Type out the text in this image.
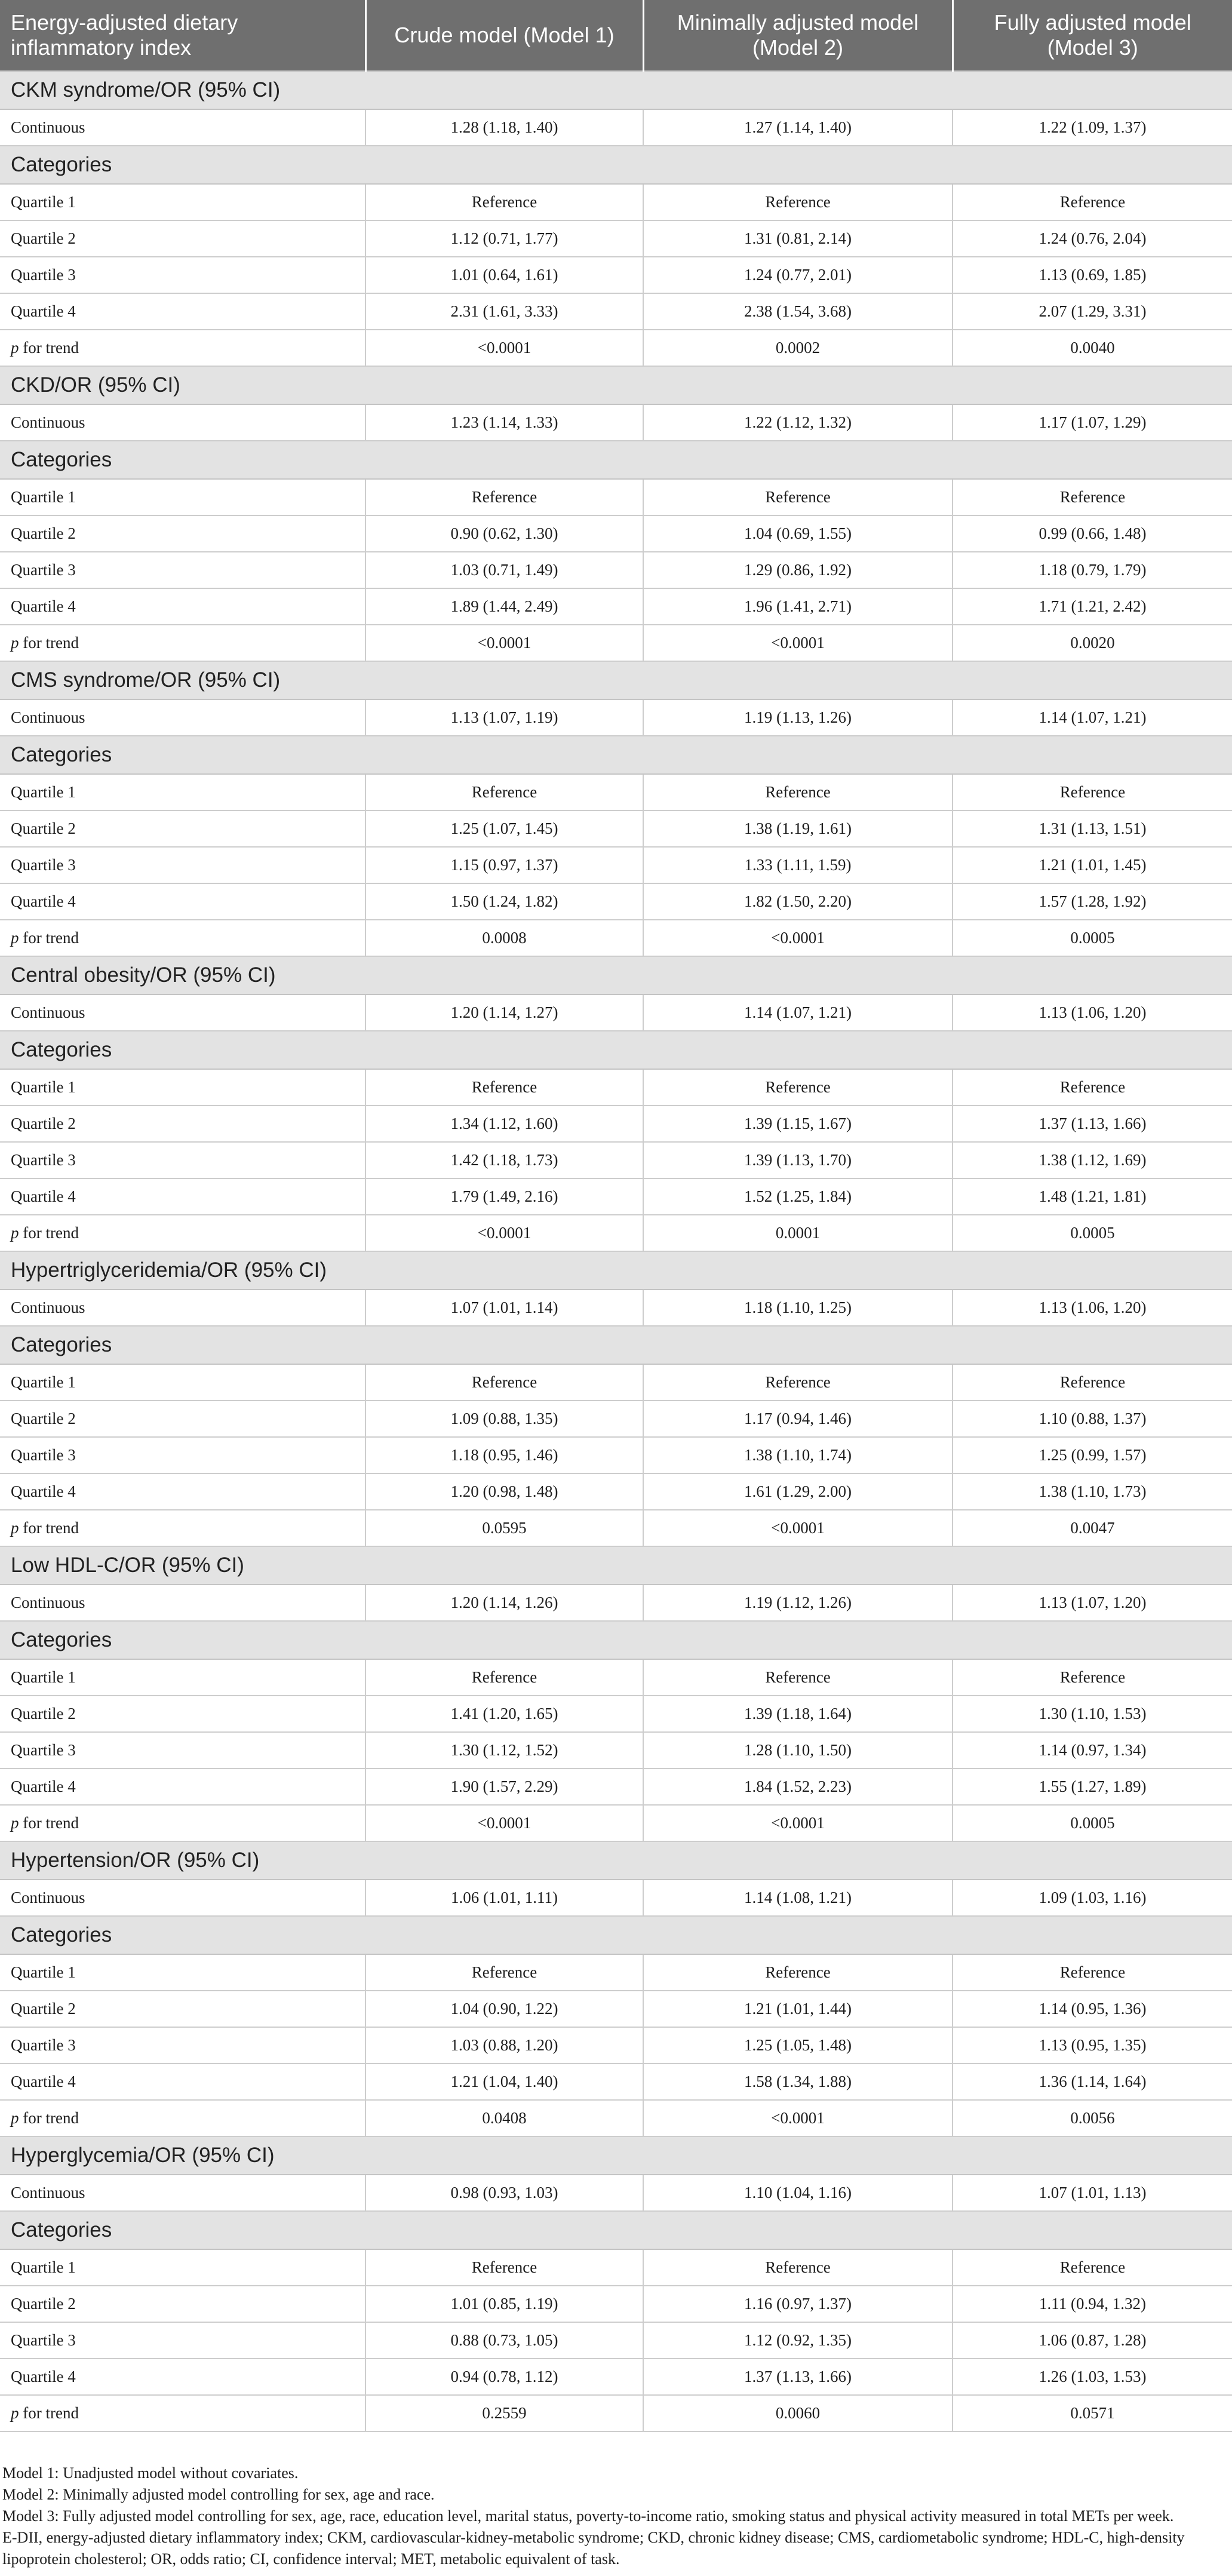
Energy-adjusted dietary inflammatory index	Crude model (Model 1)	Minimally adjusted model (Model 2)	Fully adjusted model (Model 3)
CKM syndrome/OR (95% CI)			
Continuous	1.28 (1.18, 1.40)	1.27 (1.14, 1.40)	1.22 (1.09, 1.37)
Categories			
Quartile 1	Reference	Reference	Reference
Quartile 2	1.12 (0.71, 1.77)	1.31 (0.81, 2.14)	1.24 (0.76, 2.04)
Quartile 3	1.01 (0.64, 1.61)	1.24 (0.77, 2.01)	1.13 (0.69, 1.85)
Quartile 4	2.31 (1.61, 3.33)	2.38 (1.54, 3.68)	2.07 (1.29, 3.31)
p for trend	<0.0001	0.0002	0.0040
CKD/OR (95% CI)			
Continuous	1.23 (1.14, 1.33)	1.22 (1.12, 1.32)	1.17 (1.07, 1.29)
Categories			
Quartile 1	Reference	Reference	Reference
Quartile 2	0.90 (0.62, 1.30)	1.04 (0.69, 1.55)	0.99 (0.66, 1.48)
Quartile 3	1.03 (0.71, 1.49)	1.29 (0.86, 1.92)	1.18 (0.79, 1.79)
Quartile 4	1.89 (1.44, 2.49)	1.96 (1.41, 2.71)	1.71 (1.21, 2.42)
p for trend	<0.0001	<0.0001	0.0020
CMS syndrome/OR (95% CI)			
Continuous	1.13 (1.07, 1.19)	1.19 (1.13, 1.26)	1.14 (1.07, 1.21)
Categories			
Quartile 1	Reference	Reference	Reference
Quartile 2	1.25 (1.07, 1.45)	1.38 (1.19, 1.61)	1.31 (1.13, 1.51)
Quartile 3	1.15 (0.97, 1.37)	1.33 (1.11, 1.59)	1.21 (1.01, 1.45)
Quartile 4	1.50 (1.24, 1.82)	1.82 (1.50, 2.20)	1.57 (1.28, 1.92)
p for trend	0.0008	<0.0001	0.0005
Central obesity/OR (95% CI)			
Continuous	1.20 (1.14, 1.27)	1.14 (1.07, 1.21)	1.13 (1.06, 1.20)
Categories			
Quartile 1	Reference	Reference	Reference
Quartile 2	1.34 (1.12, 1.60)	1.39 (1.15, 1.67)	1.37 (1.13, 1.66)
Quartile 3	1.42 (1.18, 1.73)	1.39 (1.13, 1.70)	1.38 (1.12, 1.69)
Quartile 4	1.79 (1.49, 2.16)	1.52 (1.25, 1.84)	1.48 (1.21, 1.81)
p for trend	<0.0001	0.0001	0.0005
Hypertriglyceridemia/OR (95% CI)			
Continuous	1.07 (1.01, 1.14)	1.18 (1.10, 1.25)	1.13 (1.06, 1.20)
Categories			
Quartile 1	Reference	Reference	Reference
Quartile 2	1.09 (0.88, 1.35)	1.17 (0.94, 1.46)	1.10 (0.88, 1.37)
Quartile 3	1.18 (0.95, 1.46)	1.38 (1.10, 1.74)	1.25 (0.99, 1.57)
Quartile 4	1.20 (0.98, 1.48)	1.61 (1.29, 2.00)	1.38 (1.10, 1.73)
p for trend	0.0595	<0.0001	0.0047
Low HDL-C/OR (95% CI)			
Continuous	1.20 (1.14, 1.26)	1.19 (1.12, 1.26)	1.13 (1.07, 1.20)
Categories			
Quartile 1	Reference	Reference	Reference
Quartile 2	1.41 (1.20, 1.65)	1.39 (1.18, 1.64)	1.30 (1.10, 1.53)
Quartile 3	1.30 (1.12, 1.52)	1.28 (1.10, 1.50)	1.14 (0.97, 1.34)
Quartile 4	1.90 (1.57, 2.29)	1.84 (1.52, 2.23)	1.55 (1.27, 1.89)
p for trend	<0.0001	<0.0001	0.0005
Hypertension/OR (95% CI)			
Continuous	1.06 (1.01, 1.11)	1.14 (1.08, 1.21)	1.09 (1.03, 1.16)
Categories			
Quartile 1	Reference	Reference	Reference
Quartile 2	1.04 (0.90, 1.22)	1.21 (1.01, 1.44)	1.14 (0.95, 1.36)
Quartile 3	1.03 (0.88, 1.20)	1.25 (1.05, 1.48)	1.13 (0.95, 1.35)
Quartile 4	1.21 (1.04, 1.40)	1.58 (1.34, 1.88)	1.36 (1.14, 1.64)
p for trend	0.0408	<0.0001	0.0056
Hyperglycemia/OR (95% CI)			
Continuous	0.98 (0.93, 1.03)	1.10 (1.04, 1.16)	1.07 (1.01, 1.13)
Categories			
Quartile 1	Reference	Reference	Reference
Quartile 2	1.01 (0.85, 1.19)	1.16 (0.97, 1.37)	1.11 (0.94, 1.32)
Quartile 3	0.88 (0.73, 1.05)	1.12 (0.92, 1.35)	1.06 (0.87, 1.28)
Quartile 4	0.94 (0.78, 1.12)	1.37 (1.13, 1.66)	1.26 (1.03, 1.53)
p for trend	0.2559	0.0060	0.0571

Model 1: Unadjusted model without covariates.

Model 2: Minimally adjusted model controlling for sex, age and race.

Model 3: Fully adjusted model controlling for sex, age, race, education level, marital status, poverty-to-income ratio, smoking status and physical activity measured in total METs per week.

E-DII, energy-adjusted dietary inflammatory index; CKM, cardiovascular-kidney-metabolic syndrome; CKD, chronic kidney disease; CMS, cardiometabolic syndrome; HDL-C, high-density lipoprotein cholesterol; OR, odds ratio; CI, confidence interval; MET, metabolic equivalent of task.
